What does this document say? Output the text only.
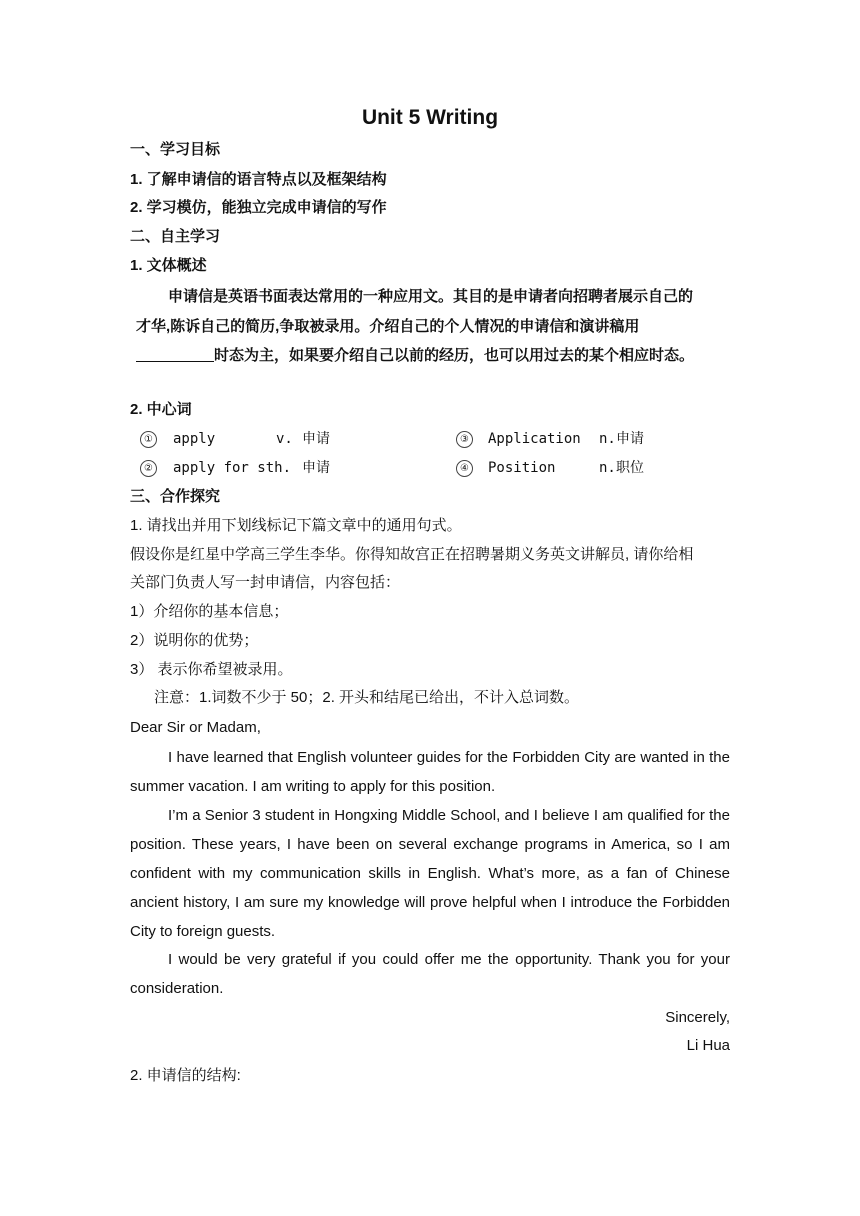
Unit 5 Writing
一、学习目标
1. 了解申请信的语言特点以及框架结构
2. 学习模仿，能独立完成申请信的写作
二、自主学习
1. 文体概述
申请信是英语书面表达常用的一种应用文。其目的是申请者向招聘者展示自己的才华,陈诉自己的简历,争取被录用。介绍自己的个人情况的申请信和演讲稿用时态为主，如果要介绍自己以前的经历，也可以用过去的某个相应时态。
2. 中心词
① apply	v. 申请	③ Application n. 申请
② apply for sth. 申请	④ Position	n. 职位
三、合作探究
1. 请找出并用下划线标记下篇文章中的通用句式。
假设你是红星中学高三学生李华。你得知故宫正在招聘暑期义务英文讲解员, 请你给相
关部门负责人写一封申请信，内容包括：
1）介绍你的基本信息；
2）说明你的优势；
3） 表示你希望被录用。
注意：1.词数不少于 50；2. 开头和结尾已给出，不计入总词数。
Dear Sir or Madam,
I have learned that English volunteer guides for the Forbidden City are wanted in the summer vacation. I am writing to apply for this position.
I’m a Senior 3 student in Hongxing Middle School, and I believe I am qualified for the position. These years, I have been on several exchange programs in America, so I am confident with my communication skills in English. What’s more, as a fan of Chinese ancient history, I am sure my knowledge will prove helpful when I introduce the Forbidden City to foreign guests.
I would be very grateful if you could offer me the opportunity. Thank you for your consideration.
Sincerely,
Li Hua
2. 申请信的结构:
